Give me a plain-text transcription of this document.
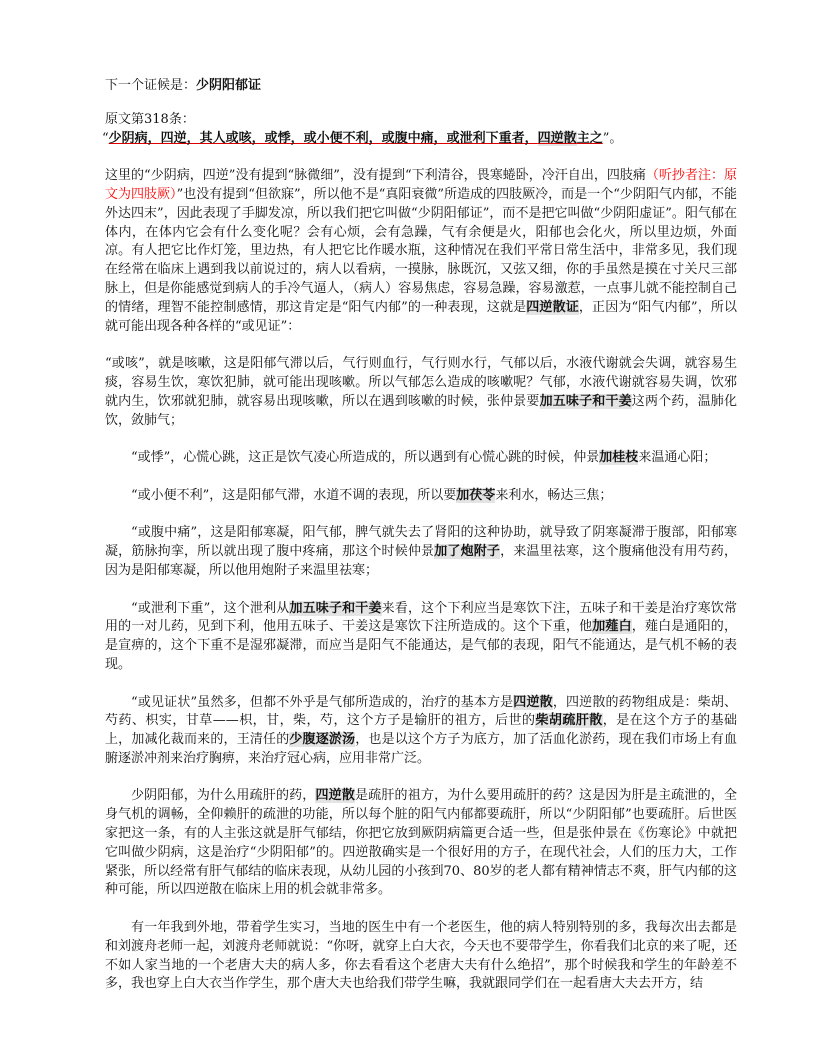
下一个证候是：少阴阳郁证

原文第318条：

“少阴病，四逆，其人或咳，或悸，或小便不利，或腹中痛，或泄利下重者，四逆散主之”。

这里的“少阴病，四逆”没有提到“脉微细”，没有提到“下利清谷，畏寒蜷卧，冷汗自出，四肢痛（听抄者注：原文为四肢厥）”也没有提到“但欲寐”，所以他不是“真阳衰微”所造成的四肢厥冷，而是一个“少阴阳气内郁，不能外达四末”，因此表现了手脚发凉，所以我们把它叫做“少阴阳郁证”，而不是把它叫做“少阴阳虚证”。阳气郁在体内，在体内它会有什么变化呢？会有心烦，会有急躁，气有余便是火，阳郁也会化火，所以里边烦，外面凉。有人把它比作灯笼，里边热，有人把它比作暖水瓶，这种情况在我们平常日常生活中，非常多见，我们现在经常在临床上遇到我以前说过的，病人以看病，一摸脉，脉既沉，又弦又细，你的手虽然是摸在寸关尺三部脉上，但是你能感觉到病人的手冷气逼人，（病人）容易焦虑，容易急躁，容易激惹，一点事儿就不能控制自己的情绪，理智不能控制感情，那这肯定是“阳气内郁”的一种表现，这就是四逆散证，正因为“阳气内郁”，所以就可能出现各种各样的“或见证”：

“或咳”，就是咳嗽，这是阳郁气滞以后，气行则血行，气行则水行，气郁以后，水液代谢就会失调，就容易生痰，容易生饮，寒饮犯肺，就可能出现咳嗽。所以气郁怎么造成的咳嗽呢？气郁，水液代谢就容易失调，饮邪就内生，饮邪就犯肺，就容易出现咳嗽，所以在遇到咳嗽的时候，张仲景要加五味子和干姜这两个药，温肺化饮，敛肺气；

“或悸”，心慌心跳，这正是饮气凌心所造成的，所以遇到有心慌心跳的时候，仲景加桂枝来温通心阳；

“或小便不利”，这是阳郁气滞，水道不调的表现，所以要加茯苓来利水，畅达三焦；

“或腹中痛”，这是阳郁寒凝，阳气郁，脾气就失去了肾阳的这种协助，就导致了阴寒凝滞于腹部，阳郁寒凝，筋脉拘挛，所以就出现了腹中疼痛，那这个时候仲景加了炮附子，来温里祛寒，这个腹痛他没有用芍药，因为是阳郁寒凝，所以他用炮附子来温里祛寒；

“或泄利下重”，这个泄利从加五味子和干姜来看，这个下利应当是寒饮下注，五味子和干姜是治疗寒饮常用的一对儿药，见到下利，他用五味子、干姜这是寒饮下注所造成的。这个下重，他加薤白，薤白是通阳的，是宣痹的，这个下重不是湿邪凝滞，而应当是阳气不能通达，是气郁的表现，阳气不能通达，是气机不畅的表现。

“或见证状”虽然多，但都不外乎是气郁所造成的，治疗的基本方是四逆散，四逆散的药物组成是：柴胡、芍药、枳实，甘草——枳，甘，柴，芍，这个方子是输肝的祖方，后世的柴胡疏肝散，是在这个方子的基础上，加减化裁而来的，王清任的少腹逐淤汤，也是以这个方子为底方，加了活血化淤药，现在我们市场上有血腑逐淤冲剂来治疗胸痹，来治疗冠心病，应用非常广泛。

少阴阳郁，为什么用疏肝的药，四逆散是疏肝的祖方，为什么要用疏肝的药？这是因为肝是主疏泄的，全身气机的调畅，全仰赖肝的疏泄的功能，所以每个脏的阳气内郁都要疏肝，所以“少阴阳郁”也要疏肝。后世医家把这一条，有的人主张这就是肝气郁结，你把它放到厥阴病篇更合适一些，但是张仲景在《伤寒论》中就把它叫做少阴病，这是治疗“少阴阳郁”的。四逆散确实是一个很好用的方子，在现代社会，人们的压力大，工作紧张，所以经常有肝气郁结的临床表现，从幼儿园的小孩到70、80岁的老人都有精神情志不爽，肝气内郁的这种可能，所以四逆散在临床上用的机会就非常多。

有一年我到外地，带着学生实习，当地的医生中有一个老医生，他的病人特别特别的多，我每次出去都是和刘渡舟老师一起，刘渡舟老师就说：“你呀，就穿上白大衣，今天也不要带学生，你看我们北京的来了呢，还不如人家当地的一个老唐大夫的病人多，你去看看这个老唐大夫有什么绝招”，那个时候我和学生的年龄差不多，我也穿上白大衣当作学生，那个唐大夫也给我们带学生嘛，我就跟同学们在一起看唐大夫去开方，结
